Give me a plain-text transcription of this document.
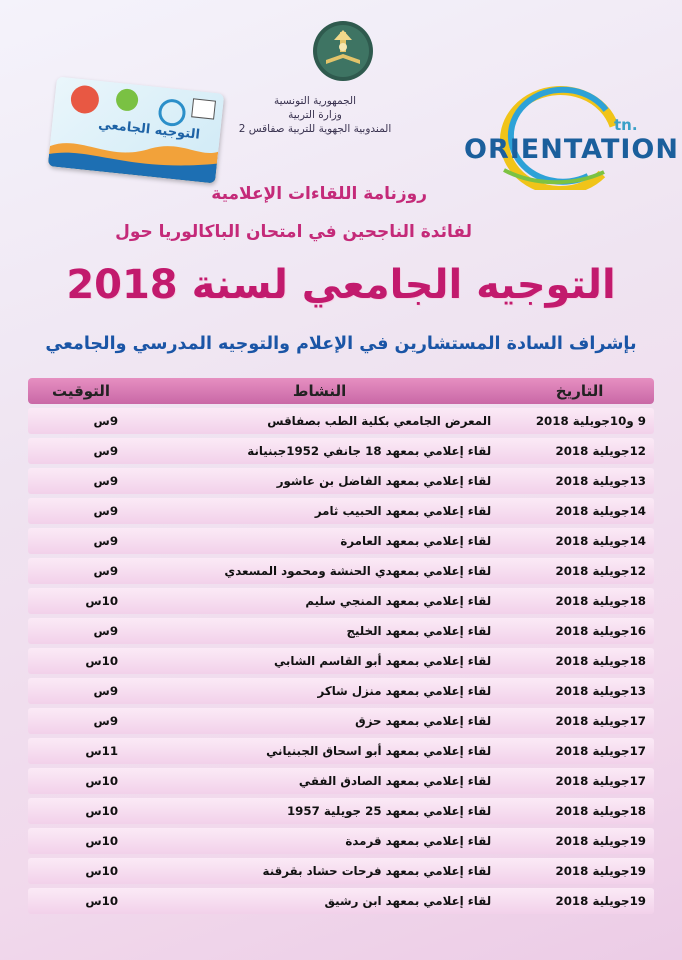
الجمهورية التونسية
وزارة التربية
المندوبية الجهوية للتربية صفاقس 2
التوجيه الجامعي
ORIENTATION
.tn
روزنامة اللقاءات الإعلامية
لفائدة الناجحين في امتحان الباكالوريا حول
التوجيه الجامعي لسنة 2018
بإشراف السادة المستشارين في الإعلام والتوجيه المدرسي والجامعي
التاريخ	النشاط	التوقيت
9 و10جويلية 2018	المعرض الجامعي بكلية الطب بصفاقس	9س
12جويلية 2018	لقاء إعلامي بمعهد 18 جانفي 1952جبنيانة	9س
13جويلية 2018	لقاء إعلامي بمعهد الفاضل بن عاشور	9س
14جويلية 2018	لقاء إعلامي بمعهد الحبيب ثامر	9س
14جويلية 2018	لقاء إعلامي بمعهد العامرة	9س
12جويلية 2018	لقاء إعلامي بمعهدي الحنشة ومحمود المسعدي	9س
18جويلية 2018	لقاء إعلامي بمعهد المنجي سليم	10س
16جويلية 2018	لقاء إعلامي بمعهد الخليج	9س
18جويلية 2018	لقاء إعلامي بمعهد أبو القاسم الشابي	10س
13جويلية 2018	لقاء إعلامي بمعهد منزل شاكر	9س
17جويلية 2018	لقاء إعلامي بمعهد حزق	9س
17جويلية 2018	لقاء إعلامي بمعهد أبو اسحاق الجبنياني	11س
17جويلية 2018	لقاء إعلامي بمعهد الصادق الفقي	10س
18جويلية 2018	لقاء إعلامي بمعهد 25 جويلية 1957	10س
19جويلية 2018	لقاء إعلامي بمعهد قرمدة	10س
19جويلية 2018	لقاء إعلامي بمعهد فرحات حشاد بقرقنة	10س
19جويلية 2018	لقاء إعلامي بمعهد ابن رشيق	10س
